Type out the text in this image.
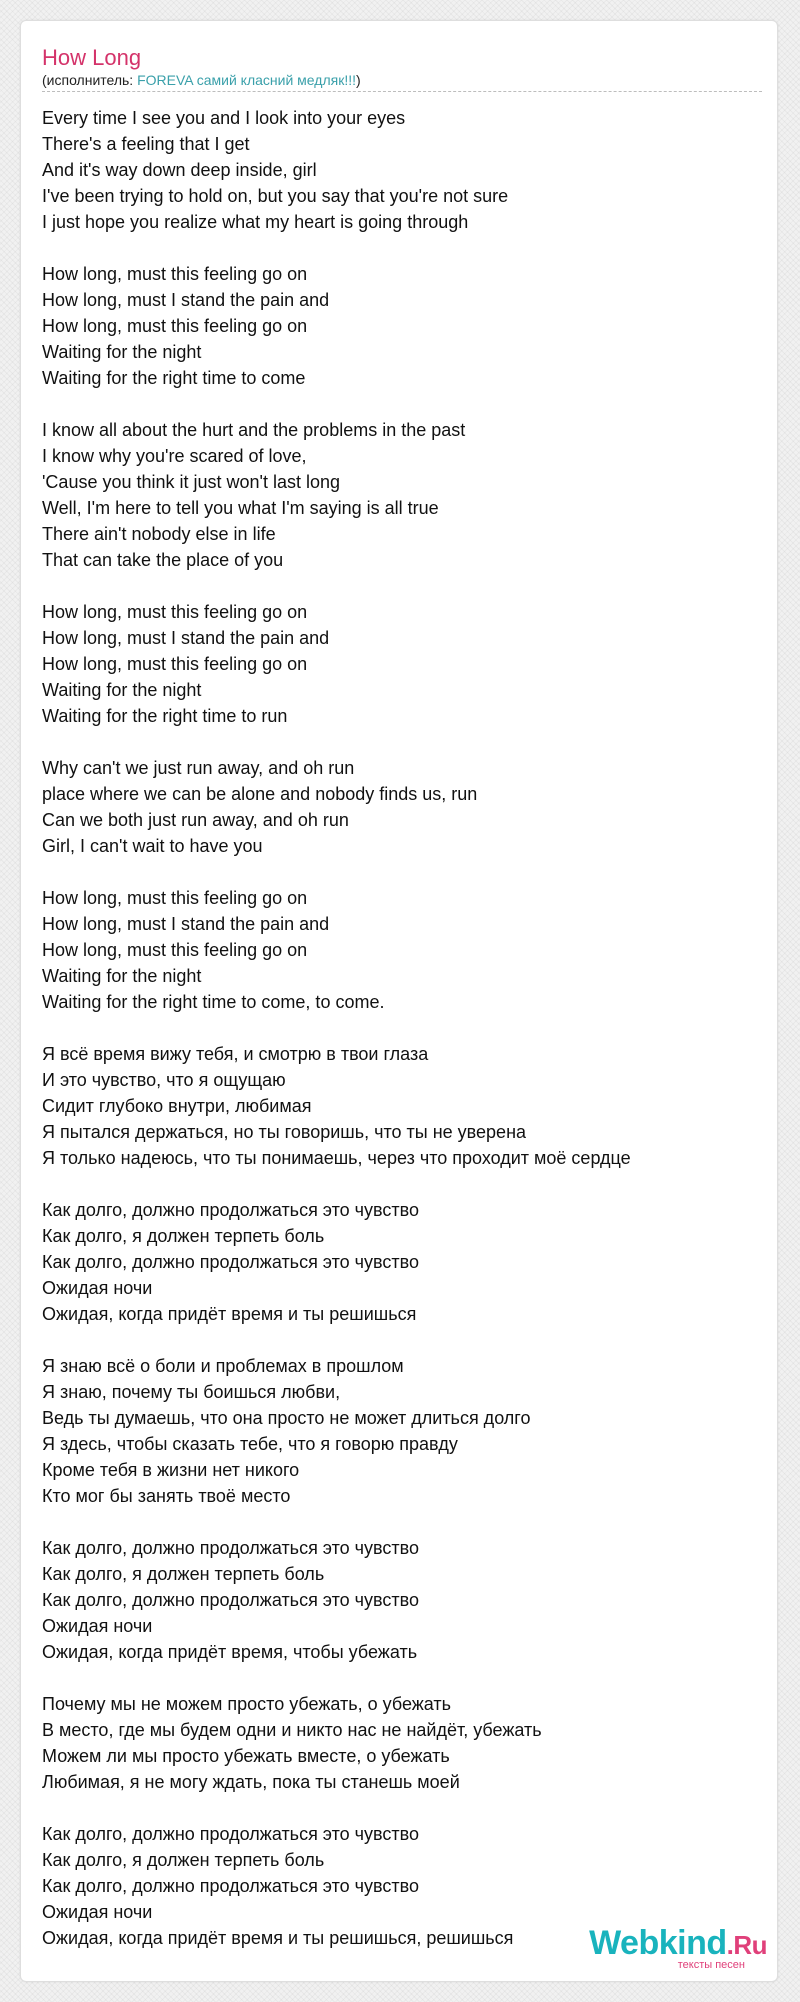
How Long
(исполнитель: FOREVA самий класний медляк!!!)
Every time I see you and I look into your eyes
There's a feeling that I get
And it's way down deep inside, girl
I've been trying to hold on, but you say that you're not sure
I just hope you realize what my heart is going through
How long, must this feeling go on
How long, must I stand the pain and
How long, must this feeling go on
Waiting for the night
Waiting for the right time to come
I know all about the hurt and the problems in the past
I know why you're scared of love,
'Cause you think it just won't last long
Well, I'm here to tell you what I'm saying is all true
There ain't nobody else in life
That can take the place of you
How long, must this feeling go on
How long, must I stand the pain and
How long, must this feeling go on
Waiting for the night
Waiting for the right time to run
Why can't we just run away, and oh run
place where we can be alone and nobody finds us, run
Can we both just run away, and oh run
Girl, I can't wait to have you
How long, must this feeling go on
How long, must I stand the pain and
How long, must this feeling go on
Waiting for the night
Waiting for the right time to come, to come.
Я всё время вижу тебя, и смотрю в твои глаза
И это чувство, что я ощущаю
Сидит глубоко внутри, любимая
Я пытался держаться, но ты говоришь, что ты не уверена
Я только надеюсь, что ты понимаешь, через что проходит моё сердце
Как долго, должно продолжаться это чувство
Как долго, я должен терпеть боль
Как долго, должно продолжаться это чувство
Ожидая ночи
Ожидая, когда придёт время и ты решишься
Я знаю всё о боли и проблемах в прошлом
Я знаю, почему ты боишься любви,
Ведь ты думаешь, что она просто не может длиться долго
Я здесь, чтобы сказать тебе, что я говорю правду
Кроме тебя в жизни нет никого
Кто мог бы занять твоё место
Как долго, должно продолжаться это чувство
Как долго, я должен терпеть боль
Как долго, должно продолжаться это чувство
Ожидая ночи
Ожидая, когда придёт время, чтобы убежать
Почему мы не можем просто убежать, о убежать
В место, где мы будем одни и никто нас не найдёт, убежать
Можем ли мы просто убежать вместе, о убежать
Любимая, я не могу ждать, пока ты станешь моей
Как долго, должно продолжаться это чувство
Как долго, я должен терпеть боль
Как долго, должно продолжаться это чувство
Ожидая ночи
Ожидая, когда придёт время и ты решишься, решишься	Webkind.Ru
тексты песен
